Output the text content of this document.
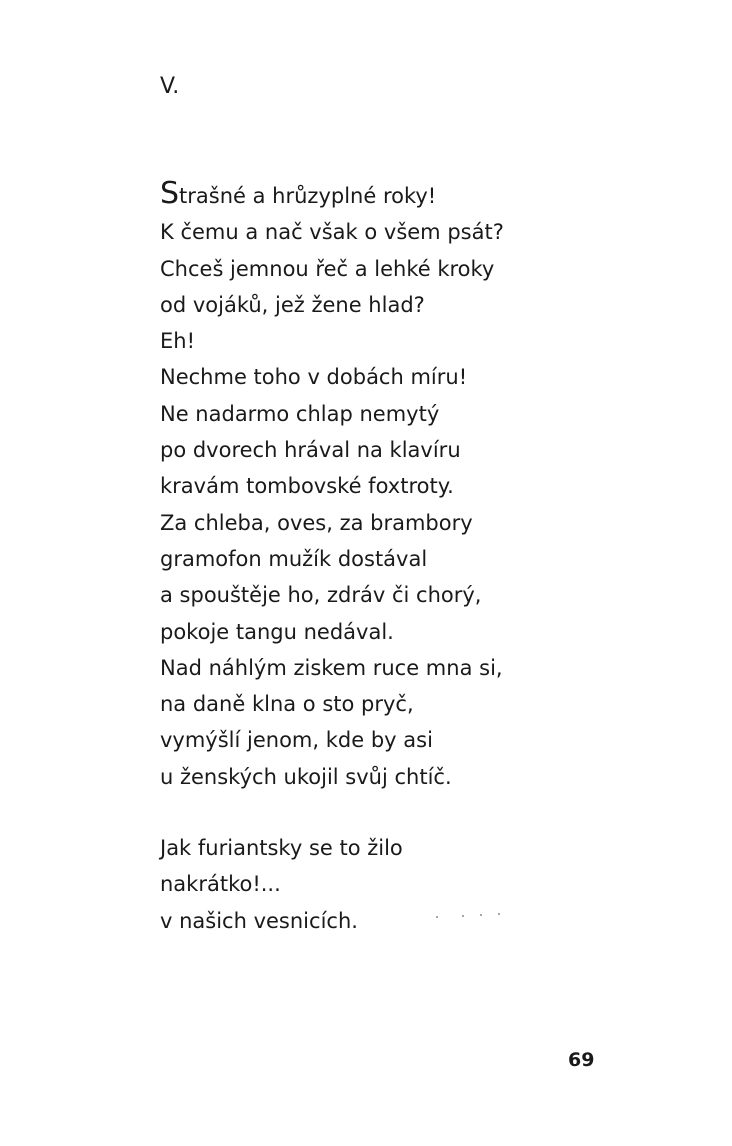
V.
Strašné a hrůzyplné roky!
K čemu a nač však o všem psát?
Chceš jemnou řeč a lehké kroky
od vojáků, jež žene hlad?
Eh!
Nechme toho v dobách míru!
Ne nadarmo chlap nemytý
po dvorech hrával na klavíru
kravám tombovské foxtroty.
Za chleba, oves, za brambory
gramofon mužík dostával
a spouštěje ho, zdráv či chorý,
pokoje tangu nedával.
Nad náhlým ziskem ruce mna si,
na daně klna o sto pryč,
vymýšlí jenom, kde by asi
u ženských ukojil svůj chtíč.
Jak furiantsky se to žilo
nakrátko!...
v našich vesnicích.

69
